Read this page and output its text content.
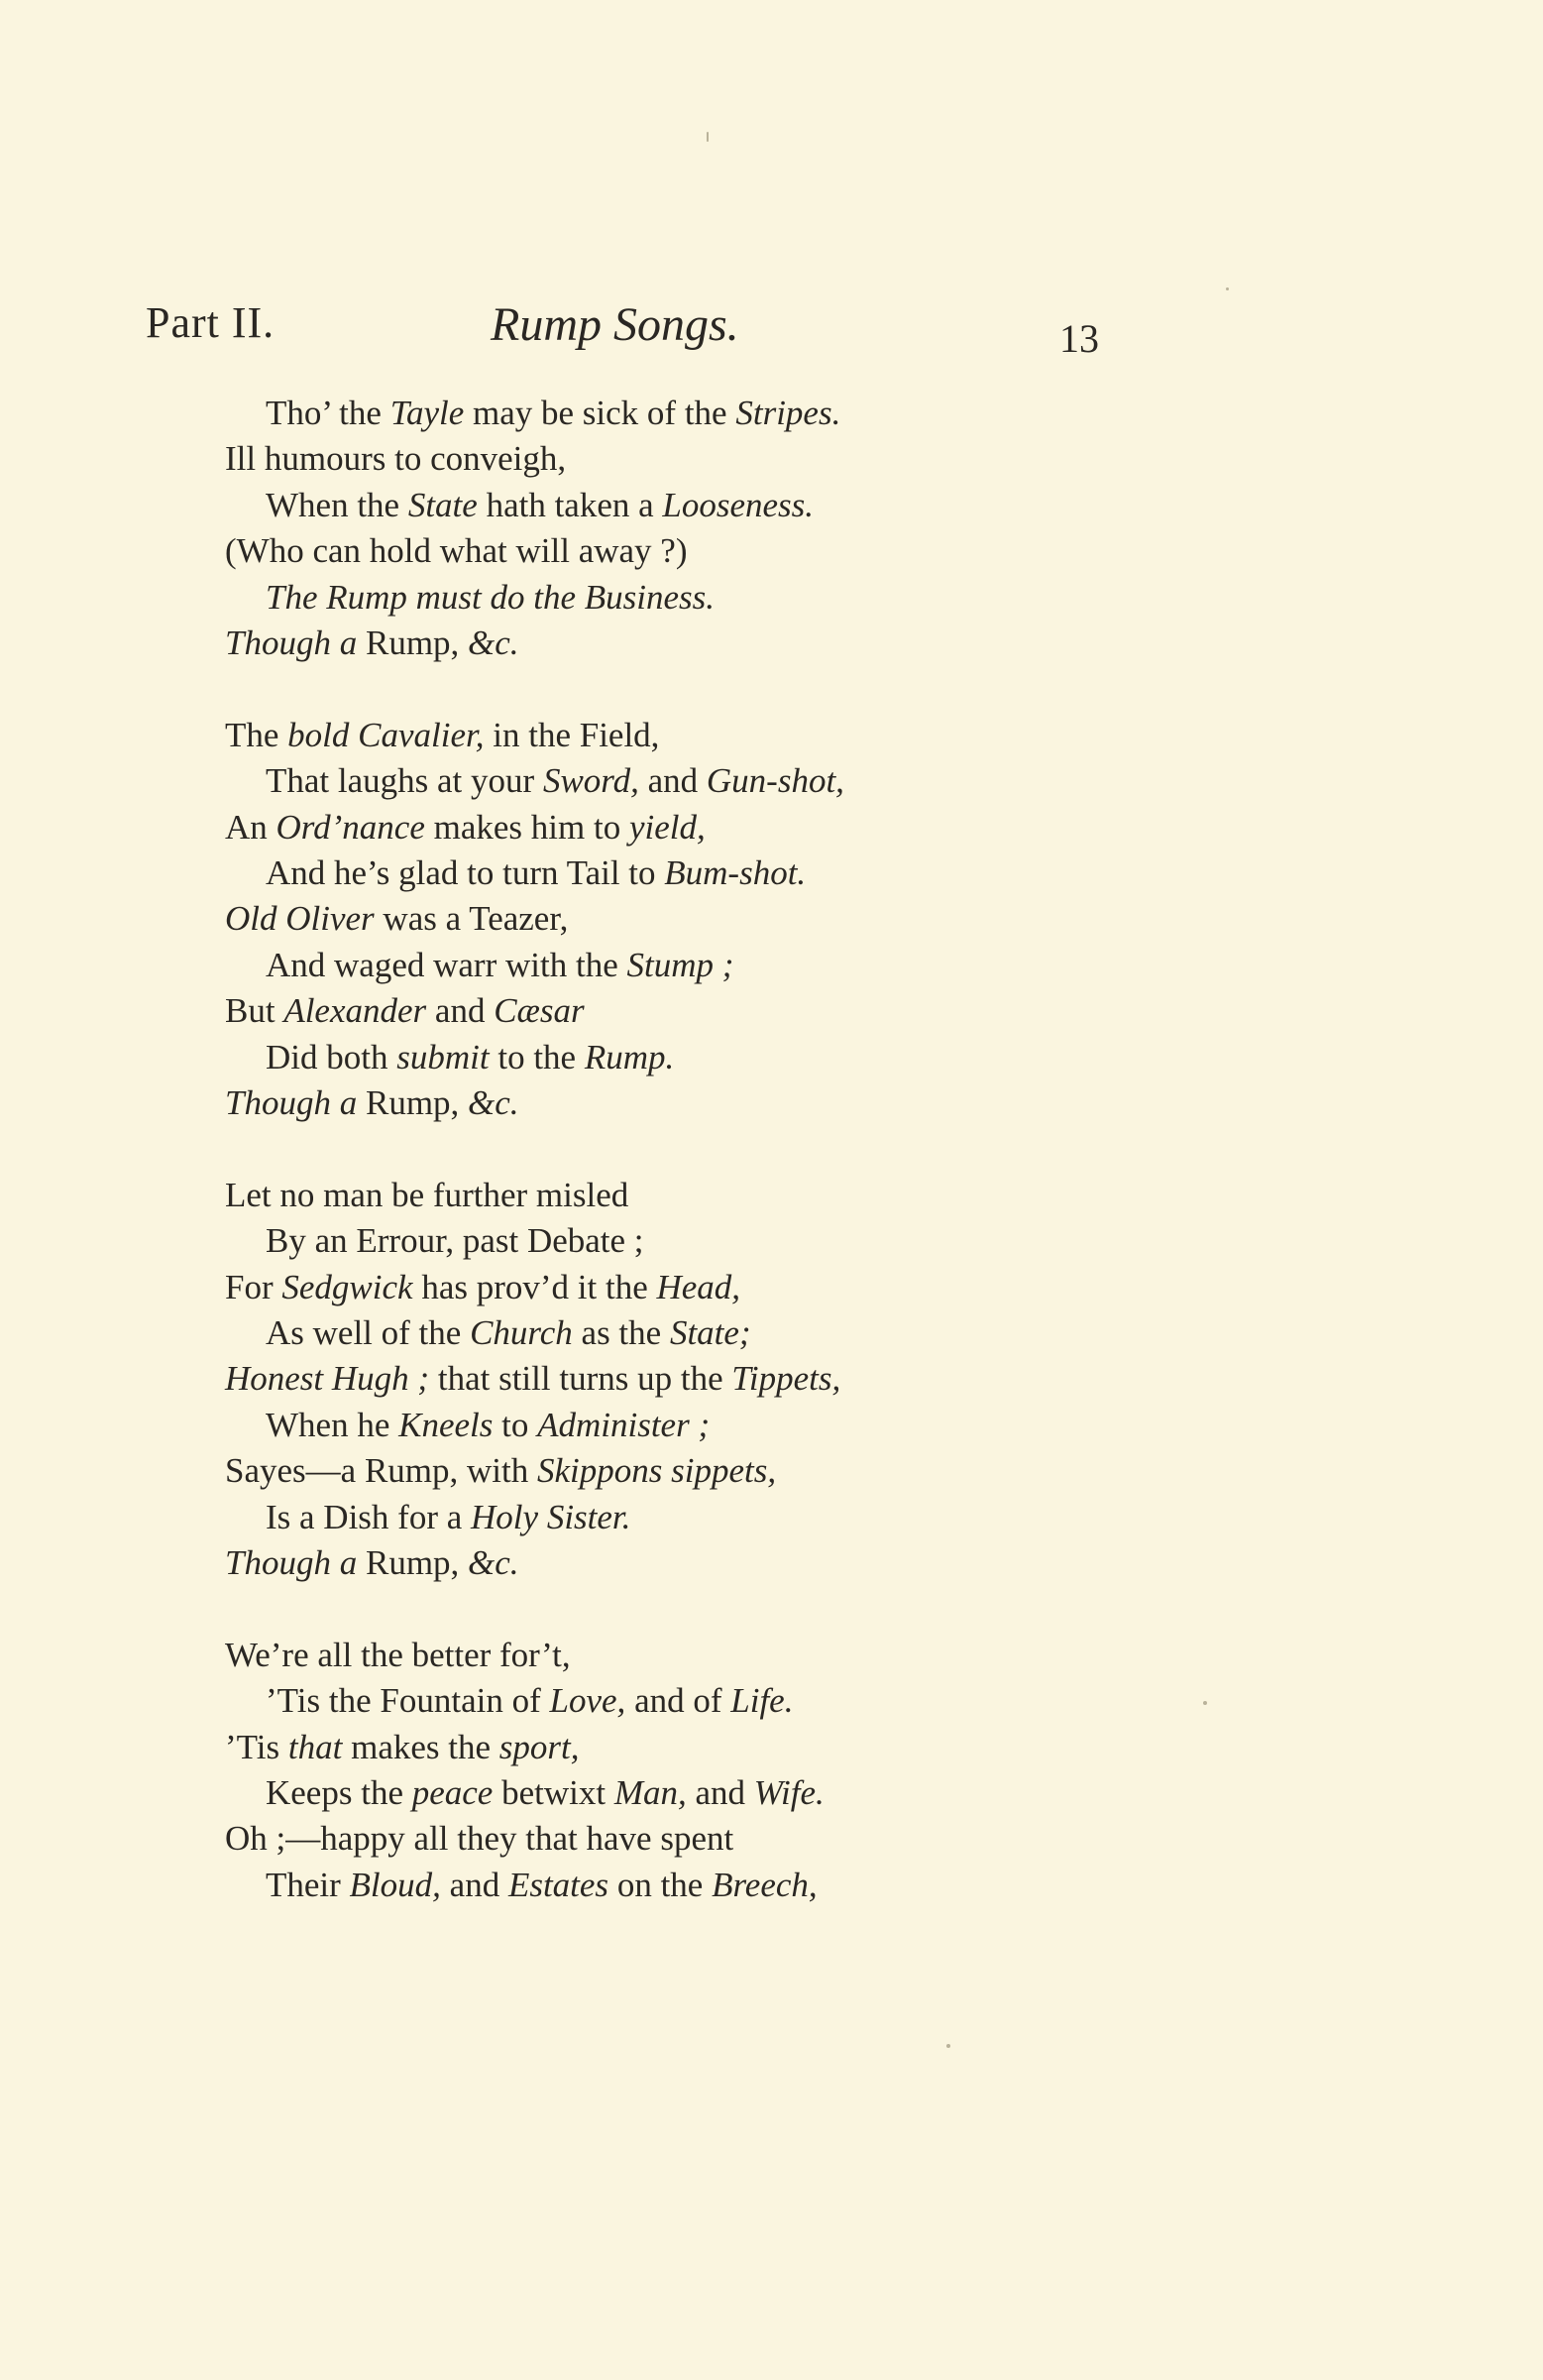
Part II.	Rump Songs.	13
Tho’ the Tayle may be sick of the Stripes.
Ill humours to conveigh,
When the State hath taken a Looseness.
(Who can hold what will away ?)
The Rump must do the Business.
Though a Rump, &c.
The bold Cavalier, in the Field,
That laughs at your Sword, and Gun-shot,
An Ord’nance makes him to yield,
And he’s glad to turn Tail to Bum-shot.
Old Oliver was a Teazer,
And waged warr with the Stump ;
But Alexander and Cæsar
Did both submit to the Rump.
Though a Rump, &c.
Let no man be further misled
By an Errour, past Debate ;
For Sedgwick has prov’d it the Head,
As well of the Church as the State;
Honest Hugh ; that still turns up the Tippets,
When he Kneels to Administer ;
Sayes—a Rump, with Skippons sippets,
Is a Dish for a Holy Sister.
Though a Rump, &c.
We’re all the better for’t,
’Tis the Fountain of Love, and of Life.
’Tis that makes the sport,
Keeps the peace betwixt Man, and Wife.
Oh ;—happy all they that have spent
Their Bloud, and Estates on the Breech,
